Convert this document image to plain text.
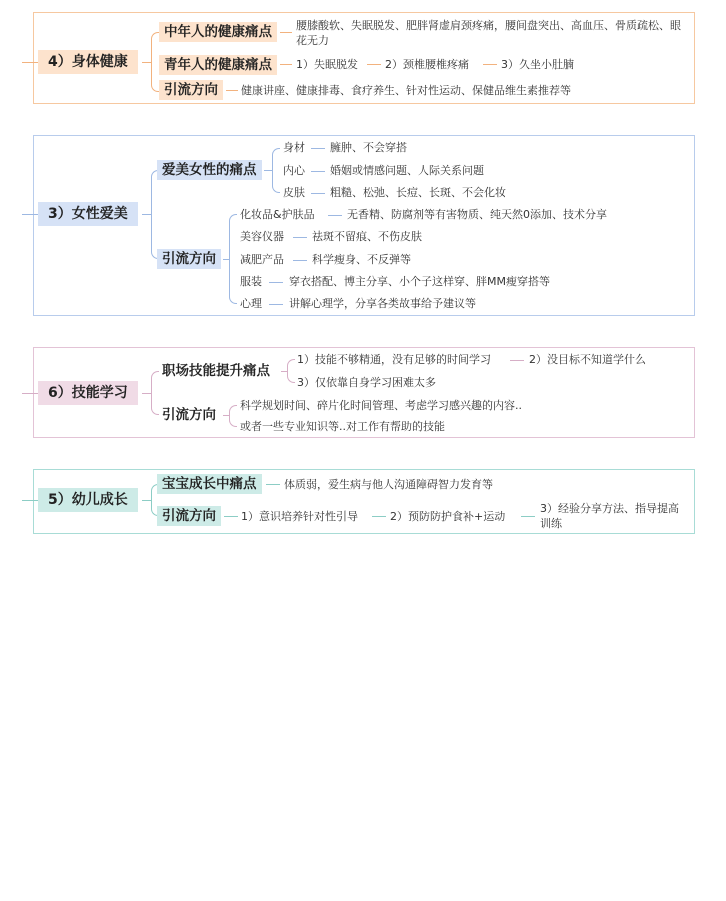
4）身体健康
中年人的健康痛点	腰膝酸软、失眠脱发、肥胖肾虚肩颈疼痛，腰间盘突出、高血压、骨质疏松、眼花无力
青年人的健康痛点	1）失眠脱发 2）颈椎腰椎疼痛	3）久坐小肚腩
引流方向	健康讲座、健康排毒、食疗养生、针对性运动、保健品维生素推荐等
3）女性爱美
爱美女性的痛点
身材 臃肿、不会穿搭
内心 婚姻或情感问题、人际关系问题
皮肤 粗糙、松弛、长痘、长斑、不会化妆
引流方向
化妆品&护肤品	无香精、防腐剂等有害物质、纯天然0添加、技术分享
美容仪器	祛斑不留痕、不伤皮肤
减肥产品	科学瘦身、不反弹等
服装 穿衣搭配、博主分享、小个子这样穿、胖MM瘦穿搭等
心理 讲解心理学，分享各类故事给予建议等
6）技能学习
职场技能提升痛点
1）技能不够精通，没有足够的时间学习	2）没目标不知道学什么
3）仅依靠自身学习困难太多
引流方向
科学规划时间、碎片化时间管理、考虑学习感兴趣的内容..
或者一些专业知识等..对工作有帮助的技能
5）幼儿成长
宝宝成长中痛点	体质弱，爱生病与他人沟通障碍智力发育等
引流方向	1）意识培养针对性引导	2）预防防护食补+运动
3）经验分享方法、指导提高训练
